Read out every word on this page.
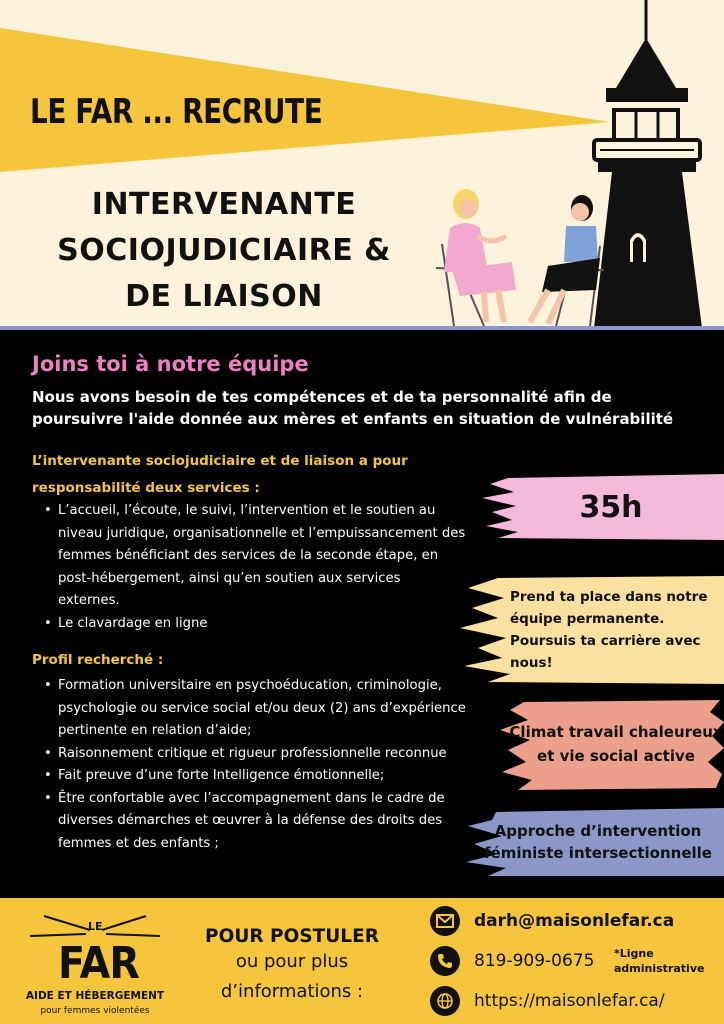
LE FAR ... RECRUTE
INTERVENANTE
SOCIOJUDICIAIRE &
DE LIAISON
Joins toi à notre équipe
Nous avons besoin de tes compétences et de ta personnalité afin de poursuivre l'aide donnée aux mères et enfants en situation de vulnérabilité
L’intervenante sociojudiciaire et de liaison a pour responsabilité deux services :
• L’accueil, l’écoute, le suivi, l’intervention et le soutien au niveau juridique, organisationnelle et l’empuissancement des femmes bénéficiant des services de la seconde étape, en post-hébergement, ainsi qu’en soutien aux services externes.
• Le clavardage en ligne
Profil recherché :
• Formation universitaire en psychoéducation, criminologie, psychologie ou service social et/ou deux (2) ans d’expérience pertinente en relation d’aide;
• Raisonnement critique et rigueur professionnelle reconnue
• Fait preuve d’une forte Intelligence émotionnelle;
• Être confortable avec l’accompagnement dans le cadre de diverses démarches et œuvrer à la défense des droits des femmes et des enfants ;
35h
Prend ta place dans notre équipe permanente. Poursuis ta carrière avec nous!
Climat travail chaleureux et vie social active
Approche d’intervention féministe intersectionnelle
LE
FAR
AIDE ET HÉBERGEMENT
pour femmes violentées
POUR POSTULER
ou pour plus
d’informations :
darh@maisonlefar.ca
819-909-0675 *Ligne administrative
https://maisonlefar.ca/
